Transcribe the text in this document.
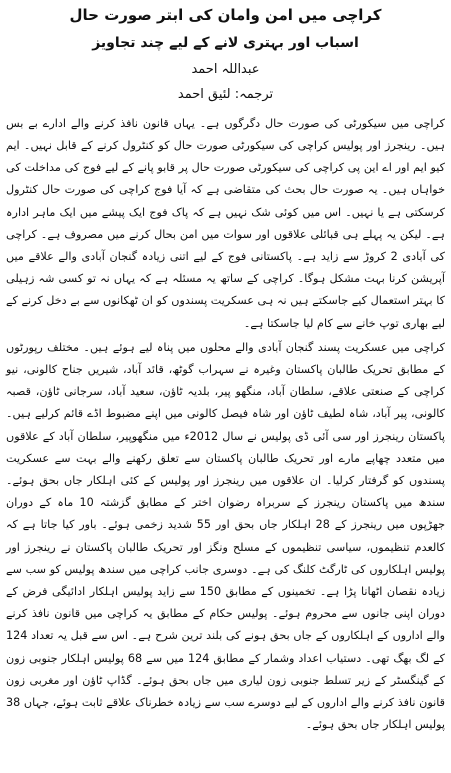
کراچی میں امن وامان کی ابتر صورت حال
اسباب اور بہتری لانے کے لیے چند تجاویز
عبداللہ احمد
ترجمہ: لئیق احمد

کراچی میں سیکورٹی کی صورت حال دگرگوں ہے۔ یہاں قانون نافذ کرنے والے ادارے بے بس ہیں۔ رینجرز اور پولیس کراچی کی سیکورٹی صورت حال کو کنٹرول کرنے کے قابل نہیں۔ ایم کیو ایم اور اے این پی کراچی کی سیکورٹی صورت حال پر قابو پانے کے لیے فوج کی مداخلت کی خواہاں ہیں۔ یہ صورت حال بحث کی متقاضی ہے کہ آیا فوج کراچی کی صورت حال کنٹرول کرسکتی ہے یا نہیں۔ اس میں کوئی شک نہیں ہے کہ پاک فوج ایک پیشے میں ایک ماہر ادارہ ہے۔ لیکن یہ پہلے ہی قبائلی علاقوں اور سوات میں امن بحال کرنے میں مصروف ہے۔ کراچی کی آبادی 2 کروڑ سے زاید ہے۔ پاکستانی فوج کے لیے اتنی زیادہ گنجان آبادی والے علاقے میں آپریشن کرنا بہت مشکل ہوگا۔ کراچی کے ساتھ یہ مسئلہ ہے کہ یہاں نہ تو کسی شہ زہیلی کا بہتر استعمال کیے جاسکتے ہیں نہ ہی عسکریت پسندوں کو ان ٹھکانوں سے بے دخل کرنے کے لیے بھاری توپ خانے سے کام لیا جاسکتا ہے۔

کراچی میں عسکریت پسند گنجان آبادی والے محلوں میں پناہ لیے ہوئے ہیں۔ مختلف رپورٹوں کے مطابق تحریک طالبان پاکستان وغیرہ نے سہراب گوٹھ، قائد آباد، شیریں جناح کالونی، نیو کراچی کے صنعتی علاقے، سلطان آباد، منگھو پیر، بلدیہ ٹاؤن، سعید آباد، سرجانی ٹاؤن، قصبہ کالونی، پیر آباد، شاہ لطیف ٹاؤن اور شاہ فیصل کالونی میں اپنے مضبوط اڈے قائم کرلیے ہیں۔ پاکستان رینجرز اور سی آئی ڈی پولیس نے سال 2012ء میں منگھوپیر، سلطان آباد کے علاقوں میں متعدد چھاپے مارے اور تحریک طالبان پاکستان سے تعلق رکھنے والے بہت سے عسکریت پسندوں کو گرفتار کرلیا۔ ان علاقوں میں رینجرز اور پولیس کے کئی اہلکار جاں بحق ہوئے۔ سندھ میں پاکستان رینجرز کے سربراہ رضوان اختر کے مطابق گزشتہ 10 ماہ کے دوران جھڑپوں میں رینجرز کے 28 اہلکار جاں بحق اور 55 شدید زخمی ہوئے۔ باور کیا جاتا ہے کہ کالعدم تنظیموں، سیاسی تنظیموں کے مسلح ونگز اور تحریک طالبان پاکستان نے رینجرز اور پولیس اہلکاروں کی ٹارگٹ کلنگ کی ہے۔ دوسری جانب کراچی میں سندھ پولیس کو سب سے زیادہ نقصان اٹھانا پڑا ہے۔ تخمینوں کے مطابق 150 سے زاید پولیس اہلکار ادائیگی فرض کے دوران اپنی جانوں سے محروم ہوئے۔ پولیس حکام کے مطابق یہ کراچی میں قانون نافذ کرنے والے اداروں کے اہلکاروں کے جاں بحق ہونے کی بلند ترین شرح ہے۔ اس سے قبل یہ تعداد 124 کے لگ بھگ تھی۔ دستیاب اعداد وشمار کے مطابق 124 میں سے 68 پولیس اہلکار جنوبی زون کے گینگسٹر کے زیر تسلط جنوبی زون لیاری میں جاں بحق ہوئے۔ گڈاپ ٹاؤن اور مغربی زون قانون نافذ کرنے والے اداروں کے لیے دوسرے سب سے زیادہ خطرناک علاقے ثابت ہوئے، جہاں 38 پولیس اہلکار جاں بحق ہوئے۔
